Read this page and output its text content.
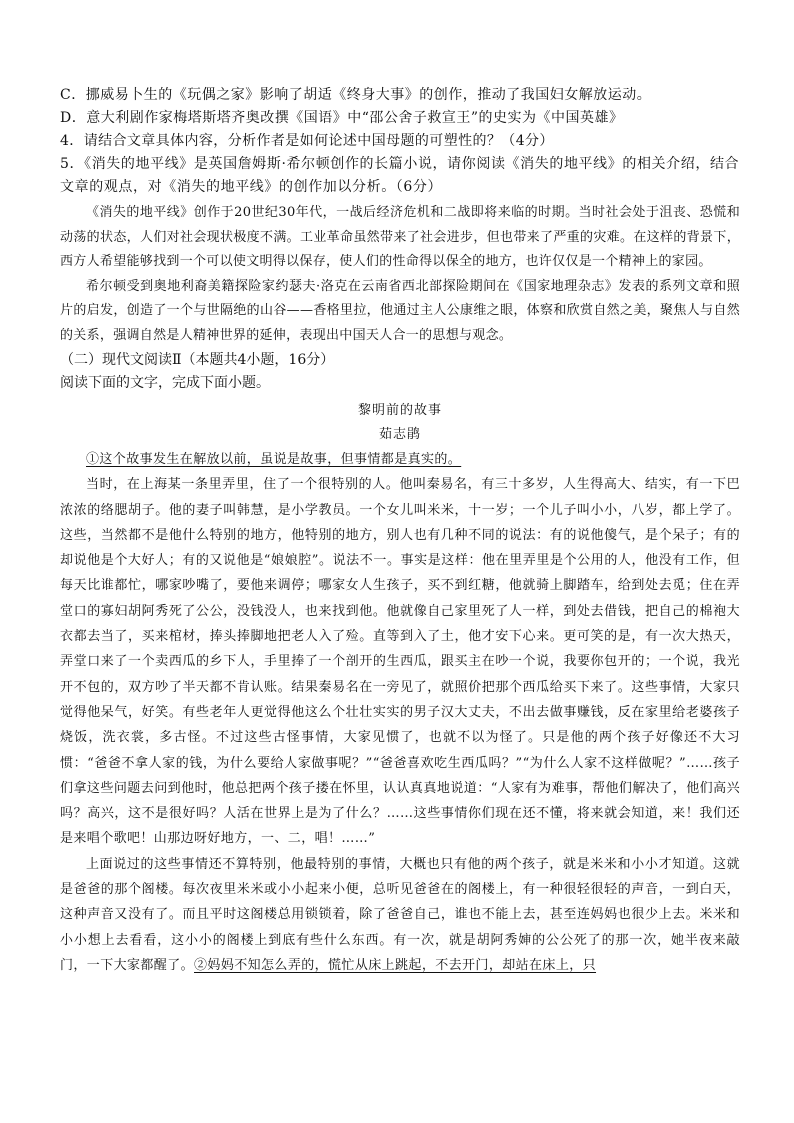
C．挪威易卜生的《玩偶之家》影响了胡适《终身大事》的创作，推动了我国妇女解放运动。

D．意大利剧作家梅塔斯塔齐奥改撰《国语》中“邵公舍子救宣王”的史实为《中国英雄》

4．请结合文章具体内容，分析作者是如何论述中国母题的可塑性的？（4分）

5．《消失的地平线》是英国詹姆斯·希尔顿创作的长篇小说，请你阅读《消失的地平线》的相关介绍，结合文章的观点，对《消失的地平线》的创作加以分析。（6分）

《消失的地平线》创作于20世纪30年代，一战后经济危机和二战即将来临的时期。当时社会处于沮丧、恐慌和动荡的状态，人们对社会现状极度不满。工业革命虽然带来了社会进步，但也带来了严重的灾难。在这样的背景下，西方人希望能够找到一个可以使文明得以保存，使人们的性命得以保全的地方，也许仅仅是一个精神上的家园。

希尔顿受到奥地利裔美籍探险家约瑟夫·洛克在云南省西北部探险期间在《国家地理杂志》发表的系列文章和照片的启发，创造了一个与世隔绝的山谷——香格里拉，他通过主人公康维之眼，体察和欣赏自然之美，聚焦人与自然的关系，强调自然是人精神世界的延伸，表现出中国天人合一的思想与观念。

（二）现代文阅读Ⅱ（本题共4小题，16分）

阅读下面的文字，完成下面小题。

黎明前的故事

茹志鹃

①这个故事发生在解放以前，虽说是故事，但事情都是真实的。

当时，在上海某一条里弄里，住了一个很特别的人。他叫秦易名，有三十多岁，人生得高大、结实，有一下巴浓浓的络腮胡子。他的妻子叫韩慧，是小学教员。一个女儿叫米米，十一岁；一个儿子叫小小，八岁，都上学了。这些，当然都不是他什么特别的地方，他特别的地方，别人也有几种不同的说法：有的说他傻气，是个呆子；有的却说他是个大好人；有的又说他是“娘娘腔”。说法不一。事实是这样：他在里弄里是个公用的人，他没有工作，但每天比谁都忙，哪家吵嘴了，要他来调停；哪家女人生孩子，买不到红糖，他就骑上脚踏车，给到处去觅；住在弄堂口的寡妇胡阿秀死了公公，没钱没人，也来找到他。他就像自己家里死了人一样，到处去借钱，把自己的棉袍大衣都去当了，买来棺材，捧头捧脚地把老人入了殓。直等到入了土，他才安下心来。更可笑的是，有一次大热天，弄堂口来了一个卖西瓜的乡下人，手里捧了一个剖开的生西瓜，跟买主在吵一个说，我要你包开的；一个说，我光开不包的，双方吵了半天都不肯认账。结果秦易名在一旁见了，就照价把那个西瓜给买下来了。这些事情，大家只觉得他呆气，好笑。有些老年人更觉得他这么个壮壮实实的男子汉大丈夫，不出去做事赚钱，反在家里给老婆孩子烧饭，洗衣裳，多古怪。不过这些古怪事情，大家见惯了，也就不以为怪了。只是他的两个孩子好像还不大习惯：“爸爸不拿人家的钱，为什么要给人家做事呢？”“爸爸喜欢吃生西瓜吗？”“为什么人家不这样做呢？”……孩子们拿这些问题去问到他时，他总把两个孩子搂在怀里，认认真真地说道：“人家有为难事，帮他们解决了，他们高兴吗？高兴，这不是很好吗？人活在世界上是为了什么？……这些事情你们现在还不懂，将来就会知道，来！我们还是来唱个歌吧！山那边呀好地方，一、二，唱！……”

上面说过的这些事情还不算特别，他最特别的事情，大概也只有他的两个孩子，就是米米和小小才知道。这就是爸爸的那个阁楼。每次夜里米米或小小起来小便，总听见爸爸在的阁楼上，有一种很轻很轻的声音，一到白天，这种声音又没有了。而且平时这阁楼总用锁锁着，除了爸爸自己，谁也不能上去，甚至连妈妈也很少上去。米米和小小想上去看看，这小小的阁楼上到底有些什么东西。有一次，就是胡阿秀婶的公公死了的那一次，她半夜来敲门，一下大家都醒了。②妈妈不知怎么弄的，慌忙从床上跳起，不去开门，却站在床上，只
